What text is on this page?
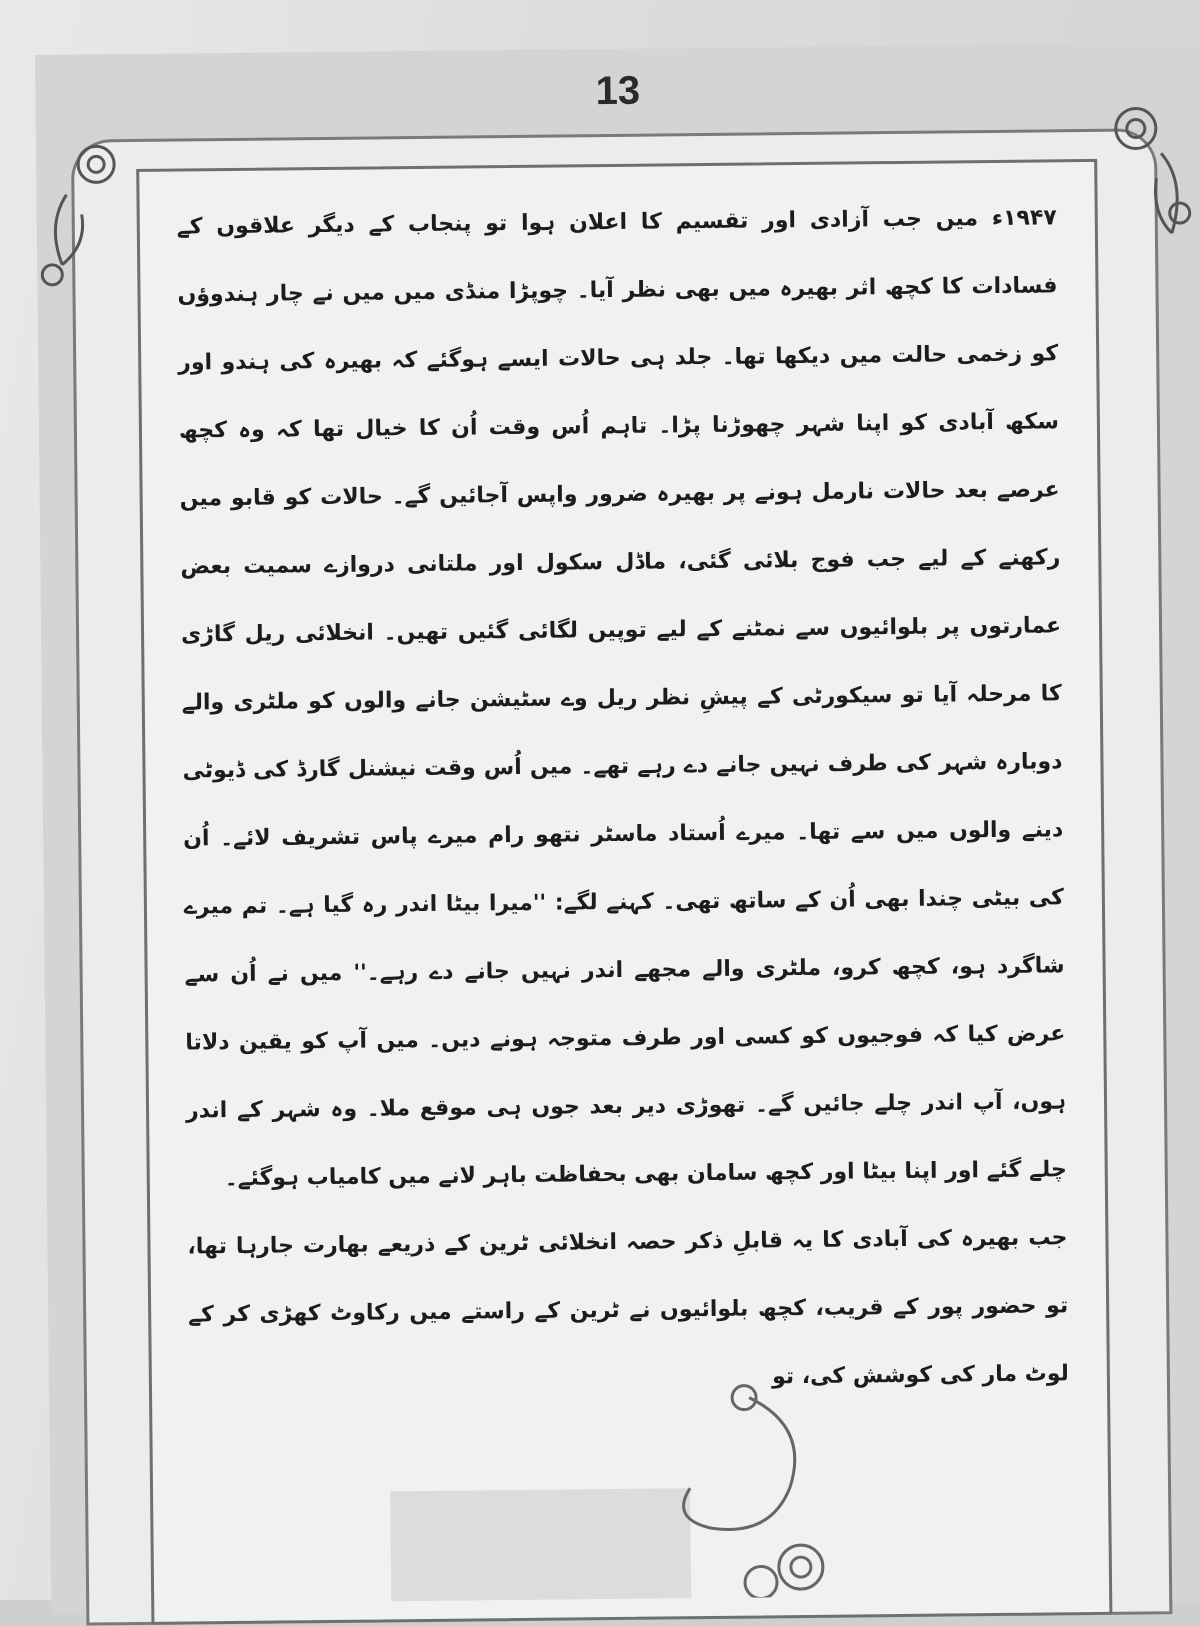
13

۱۹۴۷ء میں جب آزادی اور تقسیم کا اعلان ہوا تو پنجاب کے دیگر علاقوں کے فسادات کا کچھ اثر بھیرہ میں بھی نظر آیا۔ چوپڑا منڈی میں میں نے چار ہندوؤں کو زخمی حالت میں دیکھا تھا۔ جلد ہی حالات ایسے ہوگئے کہ بھیرہ کی ہندو اور سکھ آبادی کو اپنا شہر چھوڑنا پڑا۔ تاہم اُس وقت اُن کا خیال تھا کہ وہ کچھ عرصے بعد حالات نارمل ہونے پر بھیرہ ضرور واپس آجائیں گے۔ حالات کو قابو میں رکھنے کے لیے جب فوج بلائی گئی، ماڈل سکول اور ملتانی دروازے سمیت بعض عمارتوں پر بلوائیوں سے نمٹنے کے لیے توپیں لگائی گئیں تھیں۔ انخلائی ریل گاڑی کا مرحلہ آیا تو سیکورٹی کے پیشِ نظر ریل وے سٹیشن جانے والوں کو ملٹری والے دوبارہ شہر کی طرف نہیں جانے دے رہے تھے۔ میں اُس وقت نیشنل گارڈ کی ڈیوٹی دینے والوں میں سے تھا۔ میرے اُستاد ماسٹر نتھو رام میرے پاس تشریف لائے۔ اُن کی بیٹی چندا بھی اُن کے ساتھ تھی۔ کہنے لگے: ''میرا بیٹا اندر رہ گیا ہے۔ تم میرے شاگرد ہو، کچھ کرو، ملٹری والے مجھے اندر نہیں جانے دے رہے۔'' میں نے اُن سے عرض کیا کہ فوجیوں کو کسی اور طرف متوجہ ہونے دیں۔ میں آپ کو یقین دلاتا ہوں، آپ اندر چلے جائیں گے۔ تھوڑی دیر بعد جوں ہی موقع ملا۔ وہ شہر کے اندر چلے گئے اور اپنا بیٹا اور کچھ سامان بھی بحفاظت باہر لانے میں کامیاب ہوگئے۔

جب بھیرہ کی آبادی کا یہ قابلِ ذکر حصہ انخلائی ٹرین کے ذریعے بھارت جارہا تھا، تو حضور پور کے قریب، کچھ بلوائیوں نے ٹرین کے راستے میں رکاوٹ کھڑی کر کے لوٹ مار کی کوشش کی، تو
